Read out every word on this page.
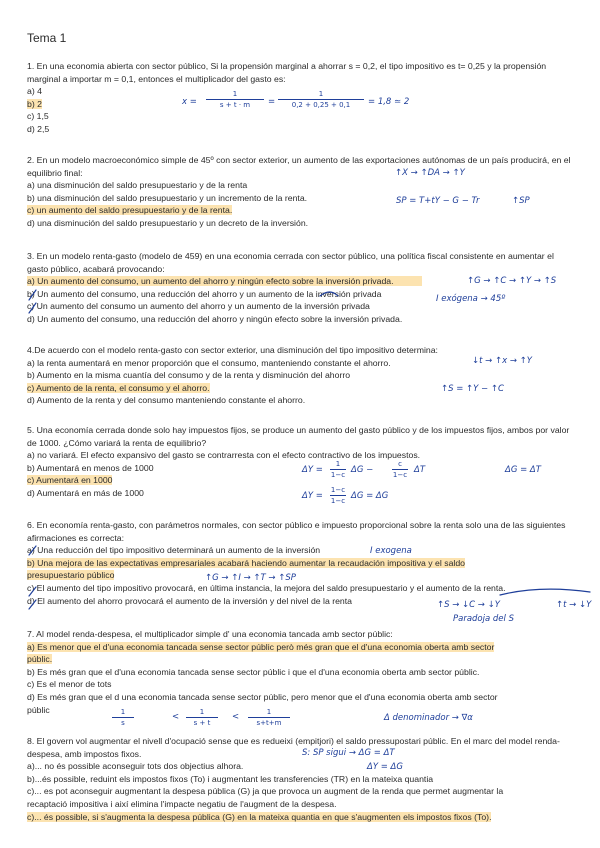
Tema 1
1. En una economia abierta con sector público, Si la propensión marginal a ahorrar s = 0,2, el tipo impositivo es t= 0,25 y la propensión marginal a importar m = 0,1, entonces el multiplicador del gasto es:
a) 4
b) 2
c) 1,5
d) 2,5
2. En un modelo macroeconómico simple de 45º con sector exterior, un aumento de las exportaciones autónomas de un país producirá, en el equilibrio final:
a) una disminución del saldo presupuestario y de la renta
b) una disminución del saldo presupuestario y un incremento de la renta.
c) un aumento del saldo presupuestario y de la renta.
d) una disminución del saldo presupuestario y un decreto de la inversión.
3. En un modelo renta-gasto (modelo de 459) en una economia cerrada con sector público, una política fiscal consistente en aumentar el gasto público, acabará provocando:
a) Un aumento del consumo, un aumento del ahorro y ningún efecto sobre la inversión privada.
b) Un aumento del consumo, una reducción del ahorro y un aumento de la inversión privada
c) Un aumento del consumo un aumento del ahorro y un aumento de la inversión privada
d) Un aumento del consumo, una reducción del ahorro y ningún efecto sobre la inversión privada.
4.De acuerdo con el modelo renta-gasto con sector exterior, una disminución del tipo impositivo determina:
a) la renta aumentará en menor proporción que el consumo, manteniendo constante el ahorro.
b) Aumento en la misma cuantía del consumo y de la renta y disminución del ahorro
c) Aumento de la renta, el consumo y el ahorro.
d) Aumento de la renta y del consumo manteniendo constante el ahorro.
5. Una economía cerrada donde solo hay impuestos fijos, se produce un aumento del gasto público y de los impuestos fijos, ambos por valor de 1000. ¿Cómo variará la renta de equilibrio?
a) no variará. El efecto expansivo del gasto se contrarresta con el efecto contractivo de los impuestos.
b) Aumentará en menos de 1000
c) Aumentará en 1000
d) Aumentará en más de 1000
6. En economía renta-gasto, con parámetros normales, con sector público e impuesto proporcional sobre la renta solo una de las siguientes afirmaciones es correcta:
a) Una reducción del tipo impositivo determinará un aumento de la inversión
b) Una mejora de las expectativas empresariales acabará haciendo aumentar la recaudación impositiva y el saldo
presupuestario público
c) El aumento del tipo impositivo provocará, en última instancia, la mejora del saldo presupuestario y el aumento de la renta.
d) El aumento del ahorro provocará el aumento de la inversión y del nivel de la renta
7. Al model renda-despesa, el multiplicador simple d' una economia tancada amb sector públic:
a) Es menor que el d'una economia tancada sense sector públic però més gran que el d'una economia oberta amb sector
públic.
b) Es més gran que el d'una economia tancada sense sector públic i que el d'una economia oberta amb sector públic.
c) Es el menor de tots
d) Es més gran que el d una economia tancada sense sector públic, pero menor que el d'una economia oberta amb sector
públic
8. El govern vol augmentar el nivell d'ocupació sense que es redueixi (empitjori) el saldo pressupostari públic. En el marc del model renda-despesa, amb impostos fixos.
a)... no és possible aconseguir tots dos objectius alhora.
b)...és possible, reduint els impostos fixos (To) i augmentant les transferencies (TR) en la mateixa quantia
c)... es pot aconseguir augmentant la despesa pública (G) ja que provoca un augment de la renda que permet augmentar la
recaptació impositiva i així elimina l'impacte negatiu de l'augment de la despesa.
c)... és possible, si s'augmenta la despesa pública (G) en la mateixa quantia en que s'augmenten els impostos fixos (To).
x =
1
s + t · m	=
1
0,2 + 0,25 + 0,1	= 1,8 ≃ 2
↑X → ↑DA → ↑Y
SP = T+tY − G − Tr	↑SP
↑G → ↑C → ↑Y → ↑S
I exógena → 45º
↓t → ↑x → ↑Y
↑S = ↑Y − ↑C
ΔY =
1
1−c ΔG −
c
1−c ΔT	ΔG = ΔT
ΔY =
1−c
1−c ΔG = ΔG
I exogena
↑G → ↑I → ↑T → ↑SP
↑S → ↓C → ↓Y	↑t → ↓Y
Paradoja del S
1
s
<	1
s + t
<	1
s+t+m	Δ denominador → ∇α
S: SP sigui → ΔG = ΔT
ΔY = ΔG
